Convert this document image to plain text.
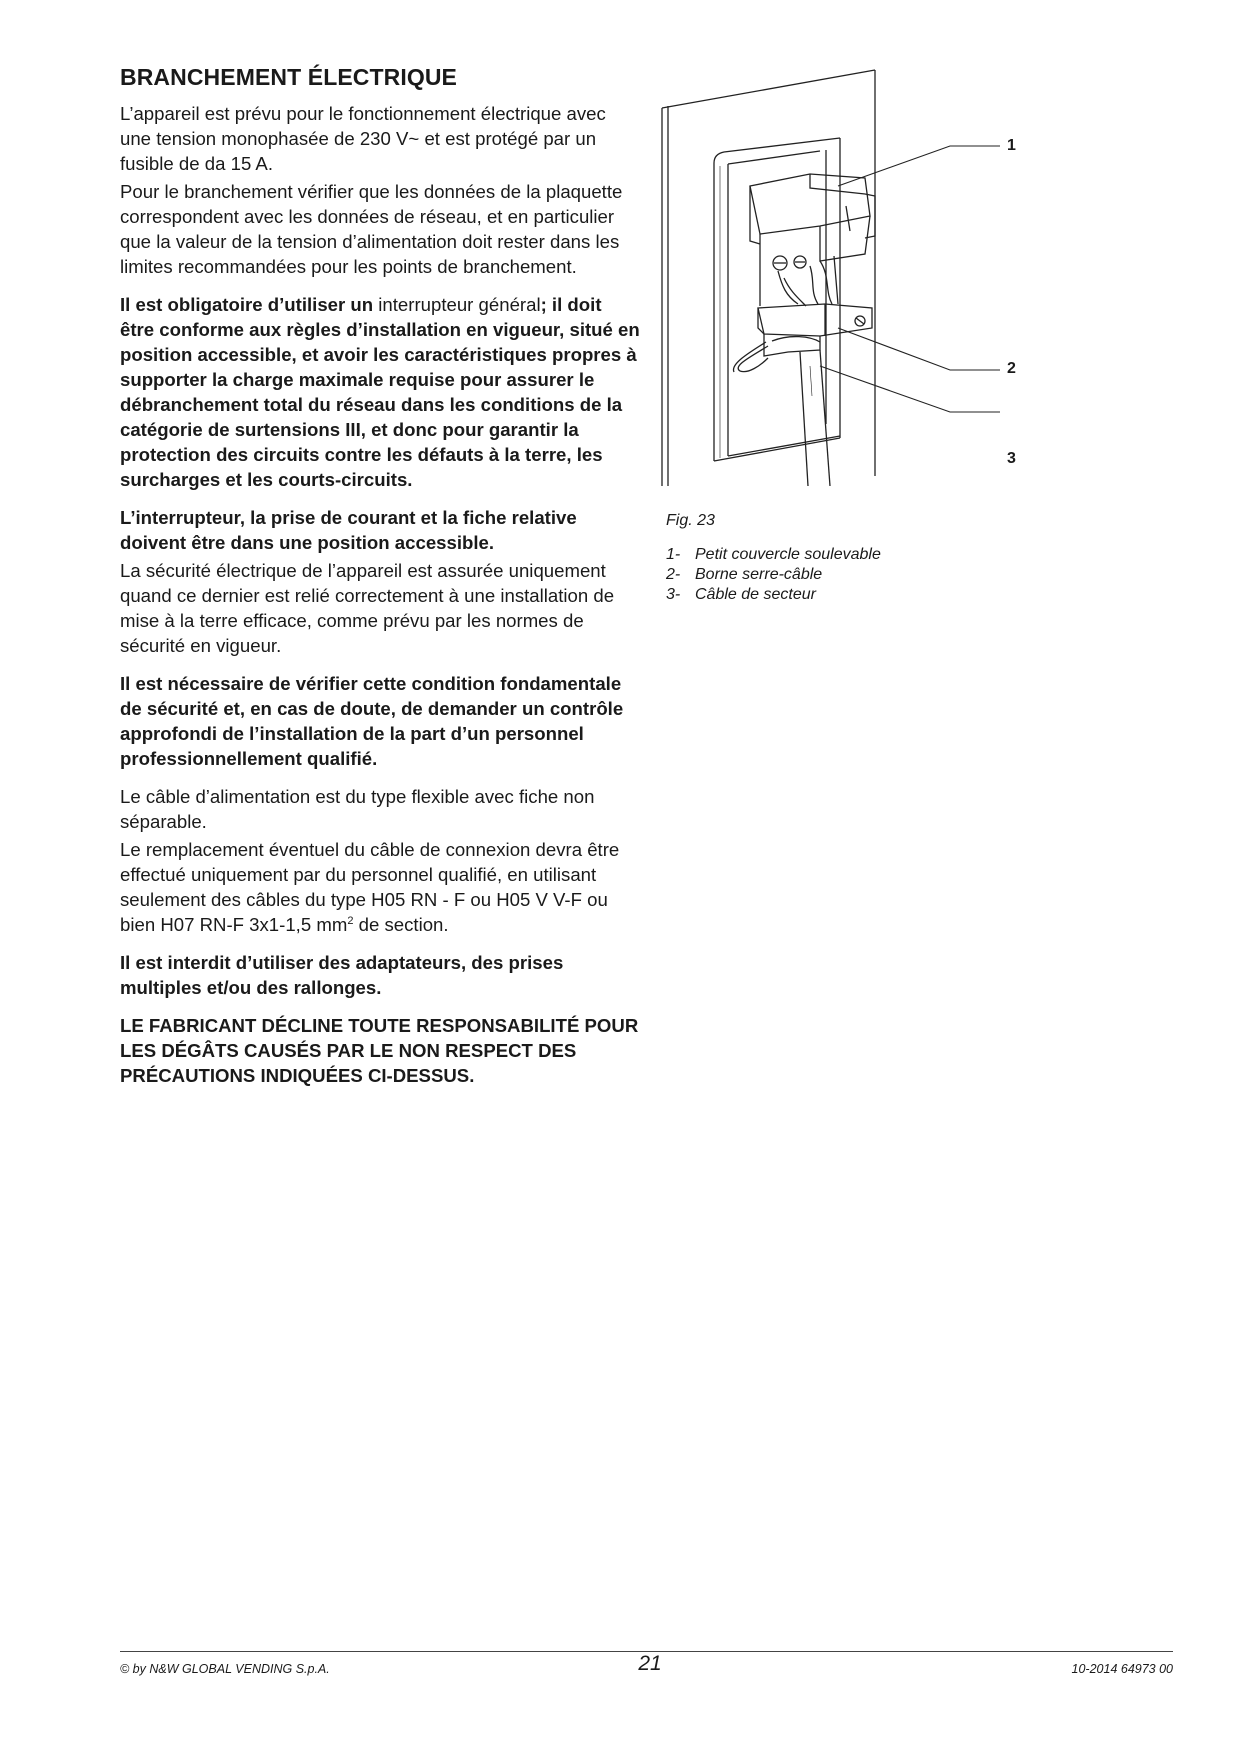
BRANCHEMENT ÉLECTRIQUE

L’appareil est prévu pour le fonctionnement électrique avec une tension monophasée de 230 V~ et est protégé par un fusible de da 15 A.

Pour le branchement vérifier que les données de la plaquette correspondent avec les données de réseau, et en particulier que la valeur de la tension d’alimentation doit rester dans les limites recommandées pour les points de branchement.

Il est obligatoire d’utiliser un interrupteur général; il doit être conforme aux règles d’installation en vigueur, situé en position accessible, et avoir les caractéristiques propres à supporter la charge maximale requise pour assurer le débranchement total du réseau dans les conditions de la catégorie de surtensions III, et donc pour garantir la protection des circuits contre les défauts à la terre, les surcharges et les courts-circuits.

L’interrupteur, la prise de courant et la fiche relative doivent être dans une position accessible.

La sécurité électrique de l’appareil est assurée uniquement quand ce dernier est relié correctement à une installation de mise à la terre efficace, comme prévu par les normes de sécurité en vigueur.

Il est nécessaire de vérifier cette condition fondamentale de sécurité et, en cas de doute, de demander un contrôle approfondi de l’installation de la part d’un personnel professionnellement qualifié.

Le câble d’alimentation est du type flexible avec fiche non séparable.

Le remplacement éventuel du câble de connexion devra être effectué uniquement par du personnel qualifié, en utilisant seulement des câbles du type H05 RN - F ou H05 V V-F ou bien H07 RN-F 3x1-1,5 $mm^2$ de section.

Il est interdit d’utiliser des adaptateurs, des prises multiples et/ou des rallonges.

LE FABRICANT DÉCLINE TOUTE RESPONSABILITÉ POUR LES DÉGÂTS CAUSÉS PAR LE NON RESPECT DES PRÉCAUTIONS INDIQUÉES CI-DESSUS.

1
2
3
Fig. 23
1- Petit couvercle soulevable
2- Borne serre-câble
3- Câble de secteur
© by N&W GLOBAL VENDING S.p.A.	21	10-2014 64973 00
